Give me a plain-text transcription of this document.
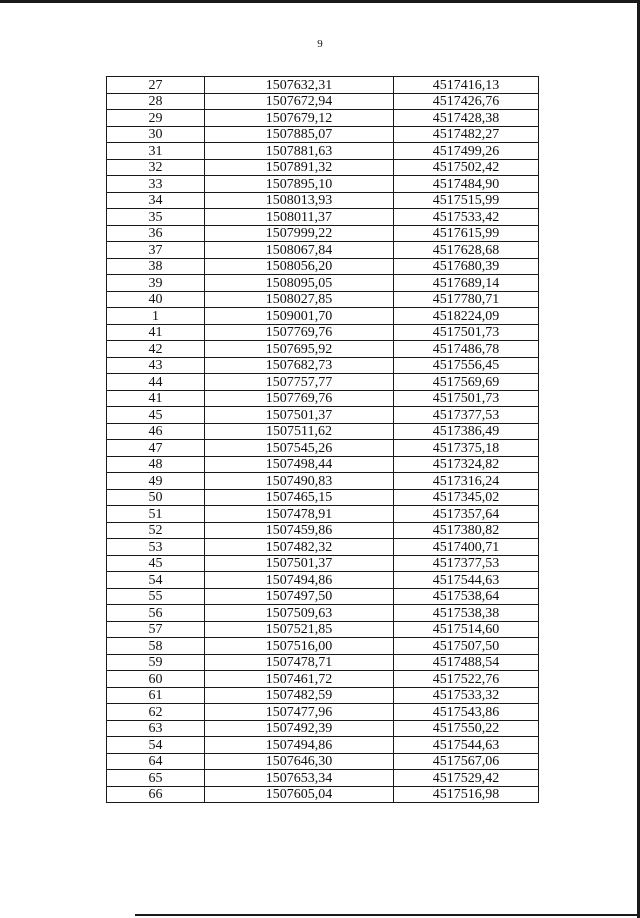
9
27	1507632,31	4517416,13
28	1507672,94	4517426,76
29	1507679,12	4517428,38
30	1507885,07	4517482,27
31	1507881,63	4517499,26
32	1507891,32	4517502,42
33	1507895,10	4517484,90
34	1508013,93	4517515,99
35	1508011,37	4517533,42
36	1507999,22	4517615,99
37	1508067,84	4517628,68
38	1508056,20	4517680,39
39	1508095,05	4517689,14
40	1508027,85	4517780,71
1	1509001,70	4518224,09
41	1507769,76	4517501,73
42	1507695,92	4517486,78
43	1507682,73	4517556,45
44	1507757,77	4517569,69
41	1507769,76	4517501,73
45	1507501,37	4517377,53
46	1507511,62	4517386,49
47	1507545,26	4517375,18
48	1507498,44	4517324,82
49	1507490,83	4517316,24
50	1507465,15	4517345,02
51	1507478,91	4517357,64
52	1507459,86	4517380,82
53	1507482,32	4517400,71
45	1507501,37	4517377,53
54	1507494,86	4517544,63
55	1507497,50	4517538,64
56	1507509,63	4517538,38
57	1507521,85	4517514,60
58	1507516,00	4517507,50
59	1507478,71	4517488,54
60	1507461,72	4517522,76
61	1507482,59	4517533,32
62	1507477,96	4517543,86
63	1507492,39	4517550,22
54	1507494,86	4517544,63
64	1507646,30	4517567,06
65	1507653,34	4517529,42
66	1507605,04	4517516,98
